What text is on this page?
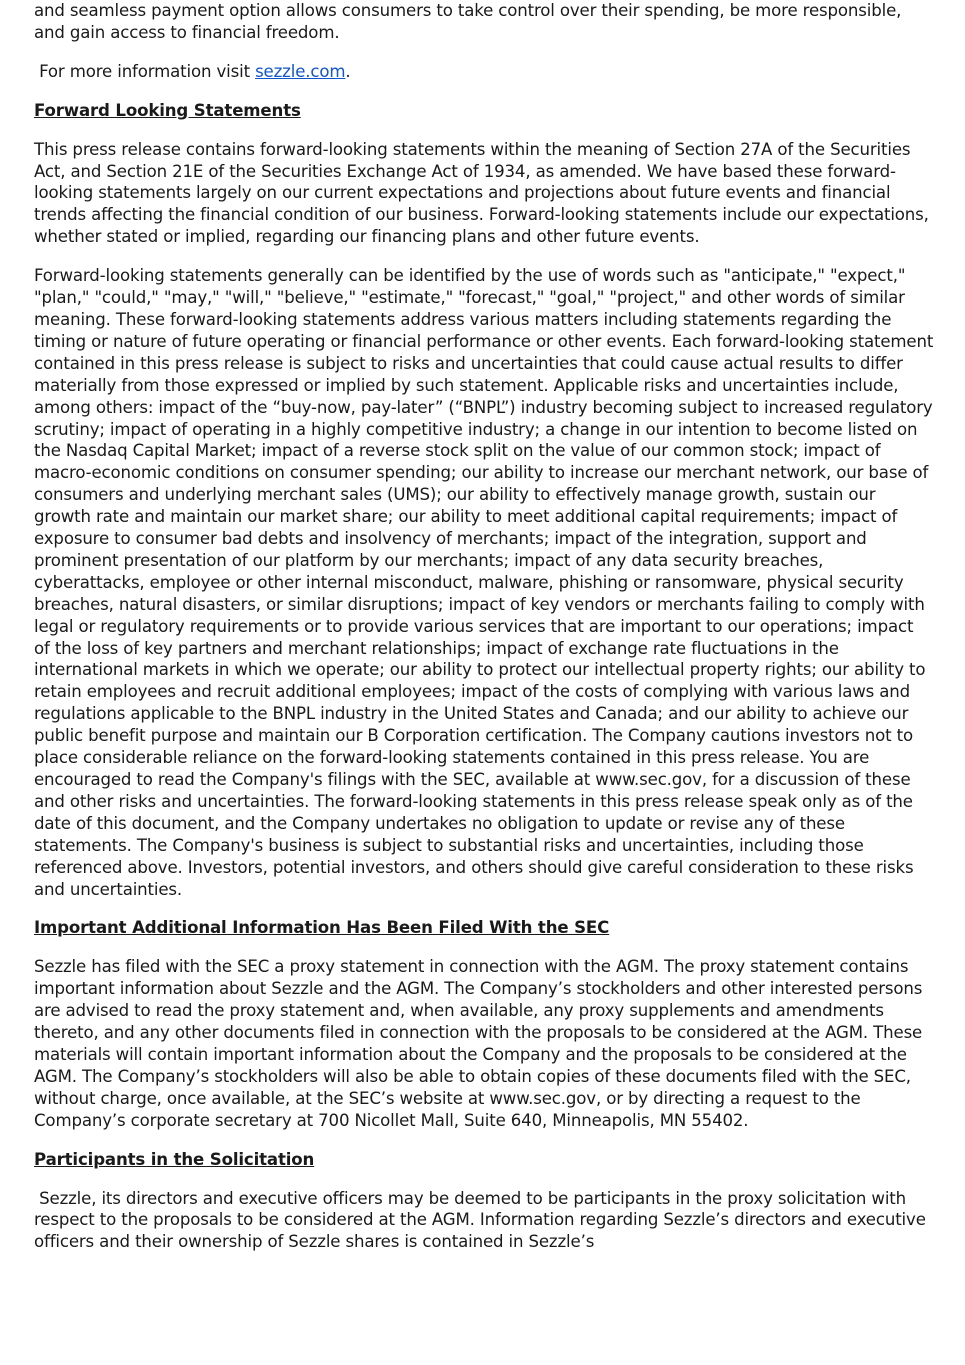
and seamless payment option allows consumers to take control over their spending, be more responsible, and gain access to financial freedom.

For more information visit sezzle.com.

Forward Looking Statements

This press release contains forward-looking statements within the meaning of Section 27A of the Securities Act, and Section 21E of the Securities Exchange Act of 1934, as amended. We have based these forward-looking statements largely on our current expectations and projections about future events and financial trends affecting the financial condition of our business. Forward-looking statements include our expectations, whether stated or implied, regarding our financing plans and other future events.

Forward-looking statements generally can be identified by the use of words such as "anticipate," "expect," "plan," "could," "may," "will," "believe," "estimate," "forecast," "goal," "project," and other words of similar meaning. These forward-looking statements address various matters including statements regarding the timing or nature of future operating or financial performance or other events. Each forward-looking statement contained in this press release is subject to risks and uncertainties that could cause actual results to differ materially from those expressed or implied by such statement. Applicable risks and uncertainties include, among others: impact of the “buy-now, pay-later” (“BNPL”) industry becoming subject to increased regulatory scrutiny; impact of operating in a highly competitive industry; a change in our intention to become listed on the Nasdaq Capital Market; impact of a reverse stock split on the value of our common stock; impact of macro-economic conditions on consumer spending; our ability to increase our merchant network, our base of consumers and underlying merchant sales (UMS); our ability to effectively manage growth, sustain our growth rate and maintain our market share; our ability to meet additional capital requirements; impact of exposure to consumer bad debts and insolvency of merchants; impact of the integration, support and prominent presentation of our platform by our merchants; impact of any data security breaches, cyberattacks, employee or other internal misconduct, malware, phishing or ransomware, physical security breaches, natural disasters, or similar disruptions; impact of key vendors or merchants failing to comply with legal or regulatory requirements or to provide various services that are important to our operations; impact of the loss of key partners and merchant relationships; impact of exchange rate fluctuations in the international markets in which we operate; our ability to protect our intellectual property rights; our ability to retain employees and recruit additional employees; impact of the costs of complying with various laws and regulations applicable to the BNPL industry in the United States and Canada; and our ability to achieve our public benefit purpose and maintain our B Corporation certification. The Company cautions investors not to place considerable reliance on the forward-looking statements contained in this press release. You are encouraged to read the Company's filings with the SEC, available at www.sec.gov, for a discussion of these and other risks and uncertainties. The forward-looking statements in this press release speak only as of the date of this document, and the Company undertakes no obligation to update or revise any of these statements. The Company's business is subject to substantial risks and uncertainties, including those referenced above. Investors, potential investors, and others should give careful consideration to these risks and uncertainties.

Important Additional Information Has Been Filed With the SEC

Sezzle has filed with the SEC a proxy statement in connection with the AGM. The proxy statement contains important information about Sezzle and the AGM. The Company’s stockholders and other interested persons are advised to read the proxy statement and, when available, any proxy supplements and amendments thereto, and any other documents filed in connection with the proposals to be considered at the AGM. These materials will contain important information about the Company and the proposals to be considered at the AGM. The Company’s stockholders will also be able to obtain copies of these documents filed with the SEC, without charge, once available, at the SEC’s website at www.sec.gov, or by directing a request to the Company’s corporate secretary at 700 Nicollet Mall, Suite 640, Minneapolis, MN 55402.

Participants in the Solicitation

Sezzle, its directors and executive officers may be deemed to be participants in the proxy solicitation with respect to the proposals to be considered at the AGM. Information regarding Sezzle’s directors and executive officers and their ownership of Sezzle shares is contained in Sezzle’s
